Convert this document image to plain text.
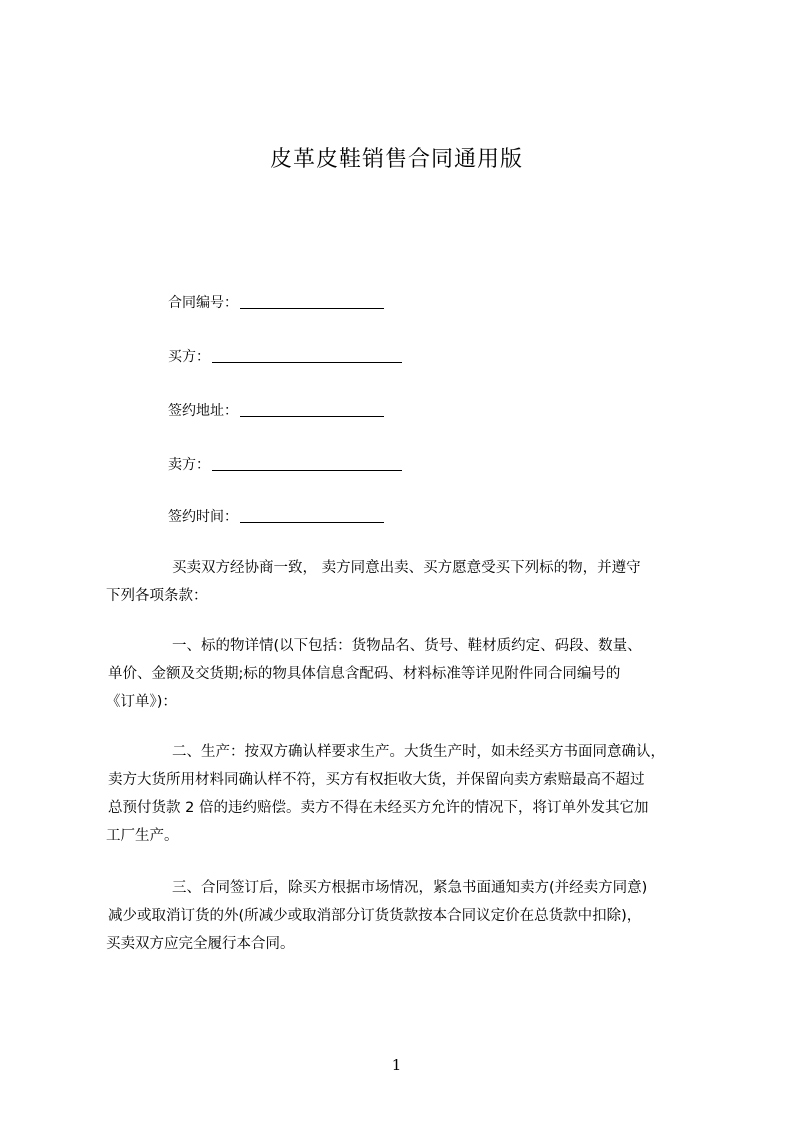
皮革皮鞋销售合同通用版
合同编号：
买方：
签约地址：
卖方：
签约时间：
买卖双方经协商一致， 卖方同意出卖、买方愿意受买下列标的物，并遵守
下列各项条款：
一、标的物详情(以下包括：货物品名、货号、鞋材质约定、码段、数量、
单价、金额及交货期;标的物具体信息含配码、材料标准等详见附件同合同编号的
《订单》)：
二、生产：按双方确认样要求生产。大货生产时，如未经买方书面同意确认，
卖方大货所用材料同确认样不符，买方有权拒收大货，并保留向卖方索赔最高不超过
总预付货款 2 倍的违约赔偿。卖方不得在未经买方允许的情况下，将订单外发其它加
工厂生产。
三、合同签订后，除买方根据市场情况，紧急书面通知卖方(并经卖方同意)
减少或取消订货的外(所减少或取消部分订货货款按本合同议定价在总货款中扣除)，
买卖双方应完全履行本合同。
1
